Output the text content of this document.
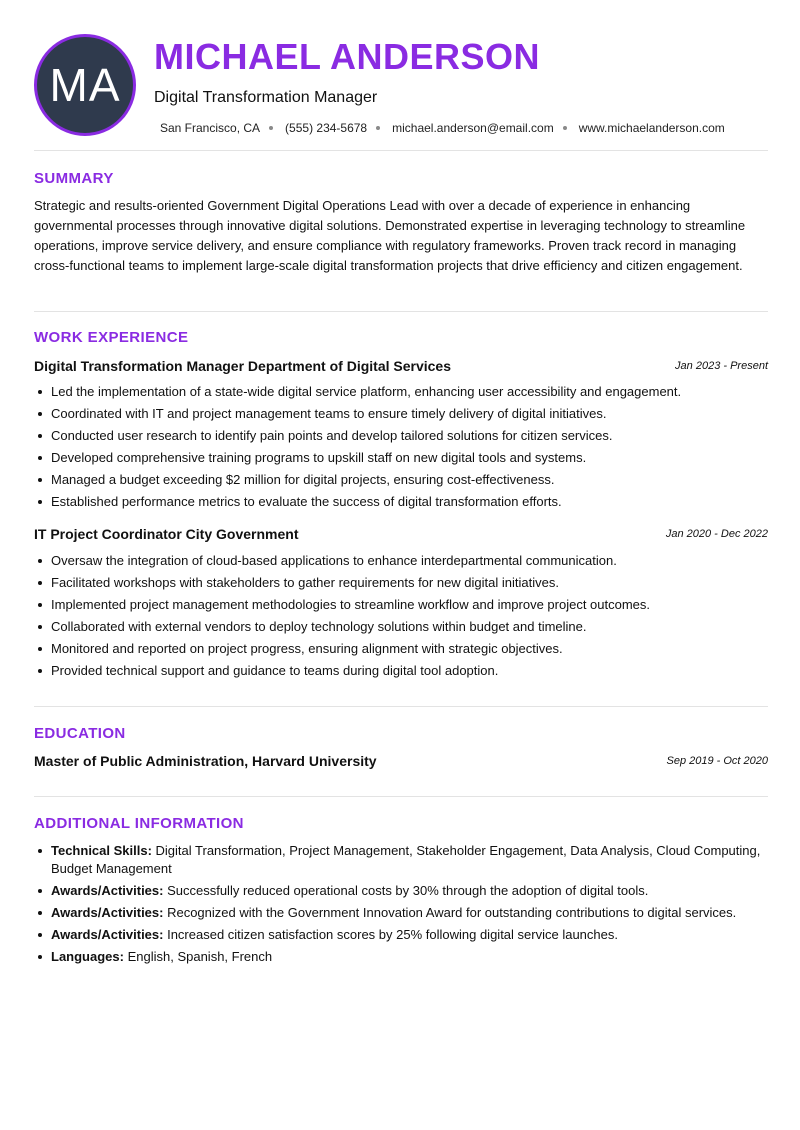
MA
MICHAEL ANDERSON
Digital Transformation Manager
San Francisco, CA (555) 234-5678 michael.anderson@email.com www.michaelanderson.com
SUMMARY

Strategic and results-oriented Government Digital Operations Lead with over a decade of experience in enhancing governmental processes through innovative digital solutions. Demonstrated expertise in leveraging technology to streamline operations, improve service delivery, and ensure compliance with regulatory frameworks. Proven track record in managing cross-functional teams to implement large-scale digital transformation projects that drive efficiency and citizen engagement.

WORK EXPERIENCE
Digital Transformation Manager Department of Digital Services	Jan 2023 - Present
Led the implementation of a state-wide digital service platform, enhancing user accessibility and engagement.
Coordinated with IT and project management teams to ensure timely delivery of digital initiatives.
Conducted user research to identify pain points and develop tailored solutions for citizen services.
Developed comprehensive training programs to upskill staff on new digital tools and systems.
Managed a budget exceeding $2 million for digital projects, ensuring cost-effectiveness.
Established performance metrics to evaluate the success of digital transformation efforts.
IT Project Coordinator City Government	Jan 2020 - Dec 2022
Oversaw the integration of cloud-based applications to enhance interdepartmental communication.
Facilitated workshops with stakeholders to gather requirements for new digital initiatives.
Implemented project management methodologies to streamline workflow and improve project outcomes.
Collaborated with external vendors to deploy technology solutions within budget and timeline.
Monitored and reported on project progress, ensuring alignment with strategic objectives.
Provided technical support and guidance to teams during digital tool adoption.
EDUCATION
Master of Public Administration, Harvard University	Sep 2019 - Oct 2020
ADDITIONAL INFORMATION
Technical Skills: Digital Transformation, Project Management, Stakeholder Engagement, Data Analysis, Cloud Computing, Budget Management
Awards/Activities: Successfully reduced operational costs by 30% through the adoption of digital tools.
Awards/Activities: Recognized with the Government Innovation Award for outstanding contributions to digital services.
Awards/Activities: Increased citizen satisfaction scores by 25% following digital service launches.
Languages: English, Spanish, French
